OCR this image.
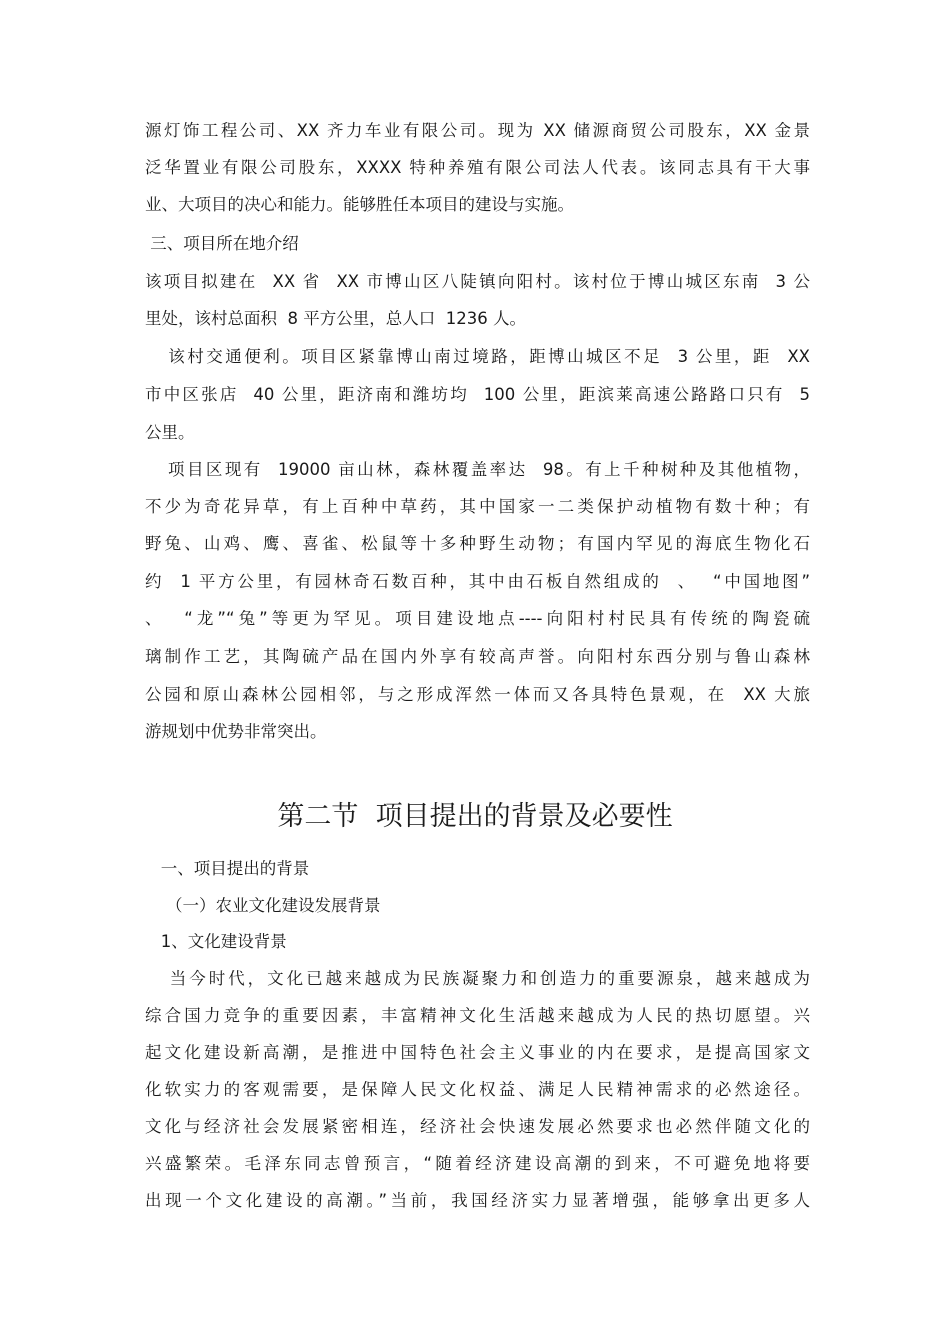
源灯饰工程公司、XX 齐力车业有限公司。现为 XX 储源商贸公司股东，XX 金景
泛华置业有限公司股东，XXXX 特种养殖有限公司法人代表。该同志具有干大事
业、大项目的决心和能力。能够胜任本项目的建设与实施。
三、项目所在地介绍
该项目拟建在  XX 省  XX 市博山区八陡镇向阳村。该村位于博山城区东南  3 公
里处，该村总面积  8 平方公里，总人口  1236 人。
该村交通便利。项目区紧靠博山南过境路，距博山城区不足  3 公里，距  XX
市中区张店  40 公里，距济南和潍坊均  100 公里，距滨莱高速公路路口只有  5
公里。
项目区现有  19000 亩山林，森林覆盖率达  98。有上千种树种及其他植物，
不少为奇花异草，有上百种中草药，其中国家一二类保护动植物有数十种；有
野兔、山鸡、鹰、喜雀、松鼠等十多种野生动物；有国内罕见的海底生物化石
约  1 平方公里，有园林奇石数百种，其中由石板自然组成的  、  “中国地图”
、  “龙”“兔”等更为罕见。项目建设地点----向阳村村民具有传统的陶瓷硫
璃制作工艺，其陶硫产品在国内外享有较高声誉。向阳村东西分别与鲁山森林
公园和原山森林公园相邻，与之形成浑然一体而又各具特色景观，在  XX 大旅
游规划中优势非常突出。
第二节  项目提出的背景及必要性
一、项目提出的背景
（一）农业文化建设发展背景
1、文化建设背景
当今时代，文化已越来越成为民族凝聚力和创造力的重要源泉，越来越成为
综合国力竞争的重要因素，丰富精神文化生活越来越成为人民的热切愿望。兴
起文化建设新高潮，是推进中国特色社会主义事业的内在要求，是提高国家文
化软实力的客观需要，是保障人民文化权益、满足人民精神需求的必然途径。
文化与经济社会发展紧密相连，经济社会快速发展必然要求也必然伴随文化的
兴盛繁荣。毛泽东同志曾预言，“随着经济建设高潮的到来，不可避免地将要
出现一个文化建设的高潮。”当前，我国经济实力显著增强，能够拿出更多人
